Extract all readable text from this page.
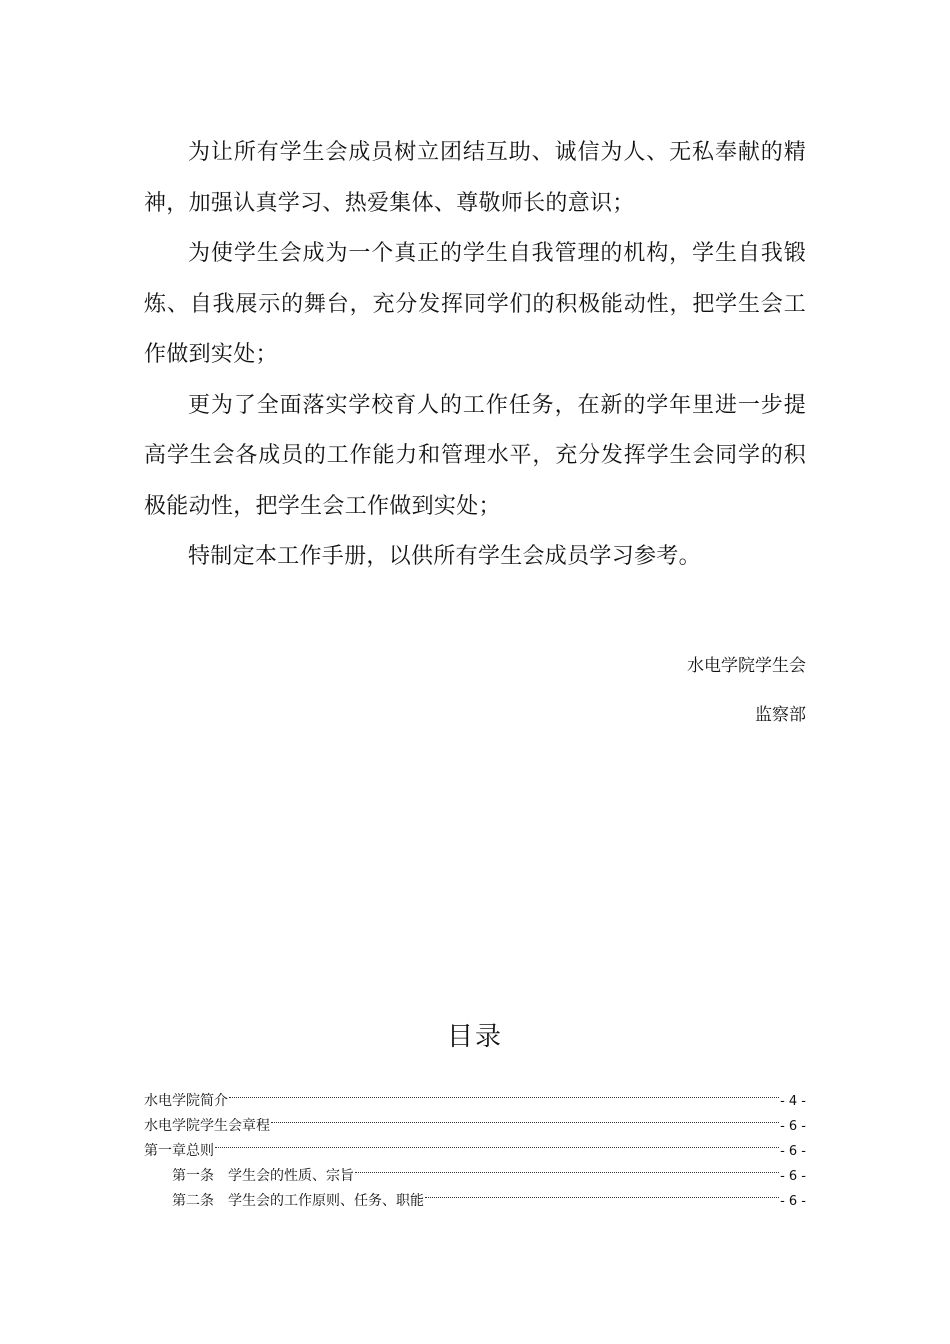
为让所有学生会成员树立团结互助、诚信为人、无私奉献的精神，加强认真学习、热爱集体、尊敬师长的意识；

为使学生会成为一个真正的学生自我管理的机构，学生自我锻炼、自我展示的舞台，充分发挥同学们的积极能动性，把学生会工作做到实处；

更为了全面落实学校育人的工作任务，在新的学年里进一步提高学生会各成员的工作能力和管理水平，充分发挥学生会同学的积极能动性，把学生会工作做到实处；

特制定本工作手册，以供所有学生会成员学习参考。

水电学院学生会
监察部
目录
水电学院简介	- 4 -
水电学院学生会章程	- 6 -
第一章总则	- 6 -
第一条 学生会的性质、宗旨	- 6 -
第二条 学生会的工作原则、任务、职能	- 6 -
